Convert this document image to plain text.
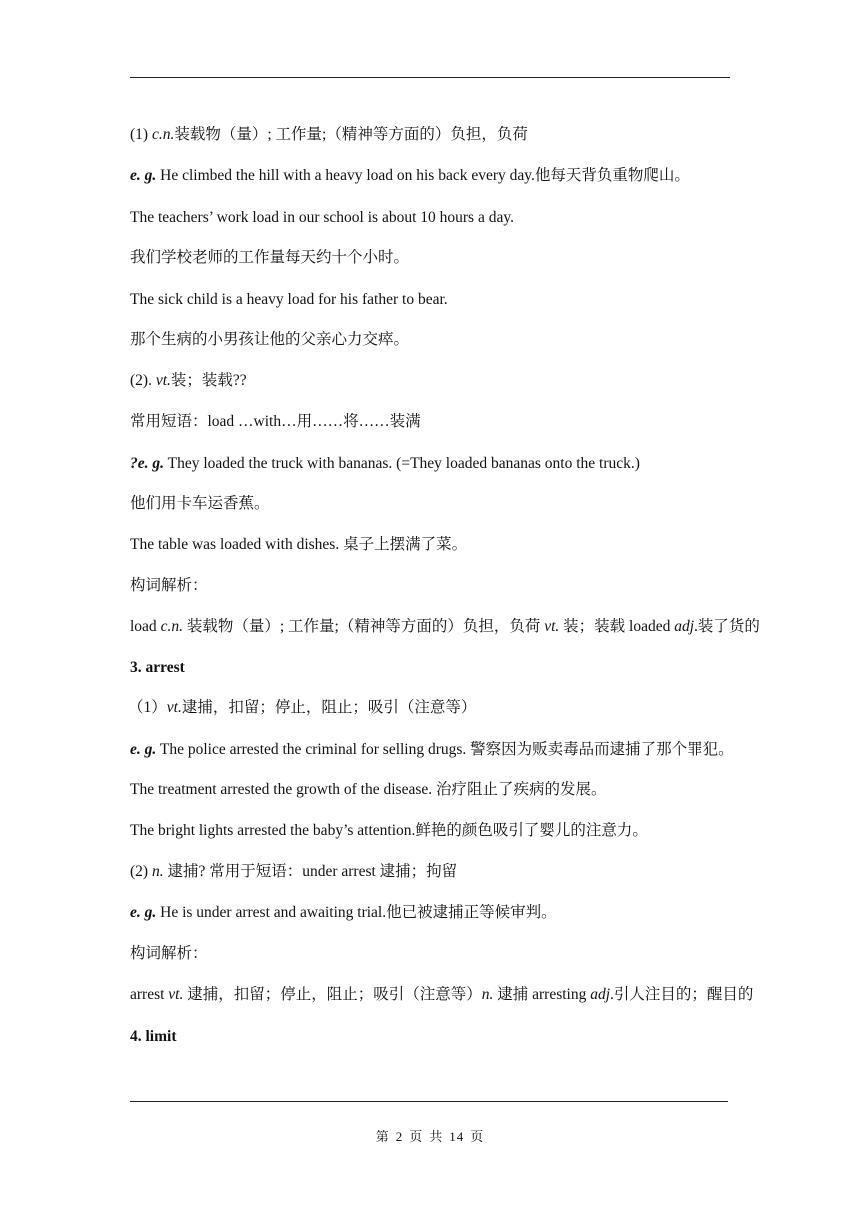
(1) c.n.装载物（量）; 工作量;（精神等方面的）负担，负荷
e. g. He climbed the hill with a heavy load on his back every day.他每天背负重物爬山。
The teachers’ work load in our school is about 10 hours a day.
我们学校老师的工作量每天约十个小时。
The sick child is a heavy load for his father to bear.
那个生病的小男孩让他的父亲心力交瘁。
(2). vt.装；装载??
常用短语：load …with…用……将……装满
?e. g. They loaded the truck with bananas. (=They loaded bananas onto the truck.)
他们用卡车运香蕉。
The table was loaded with dishes. 桌子上摆满了菜。
构词解析：
load c.n. 装载物（量）; 工作量;（精神等方面的）负担，负荷 vt. 装；装载 loaded adj.装了货的
3. arrest
（1）vt.逮捕，扣留；停止，阻止；吸引（注意等）
e. g. The police arrested the criminal for selling drugs. 警察因为贩卖毒品而逮捕了那个罪犯。
The treatment arrested the growth of the disease. 治疗阻止了疾病的发展。
The bright lights arrested the baby’s attention.鲜艳的颜色吸引了婴儿的注意力。
(2) n. 逮捕? 常用于短语：under arrest 逮捕；拘留
e. g. He is under arrest and awaiting trial.他已被逮捕正等候审判。
构词解析：
arrest vt. 逮捕，扣留；停止，阻止；吸引（注意等）n. 逮捕 arresting adj.引人注目的；醒目的
4. limit
第 2 页 共 14 页
